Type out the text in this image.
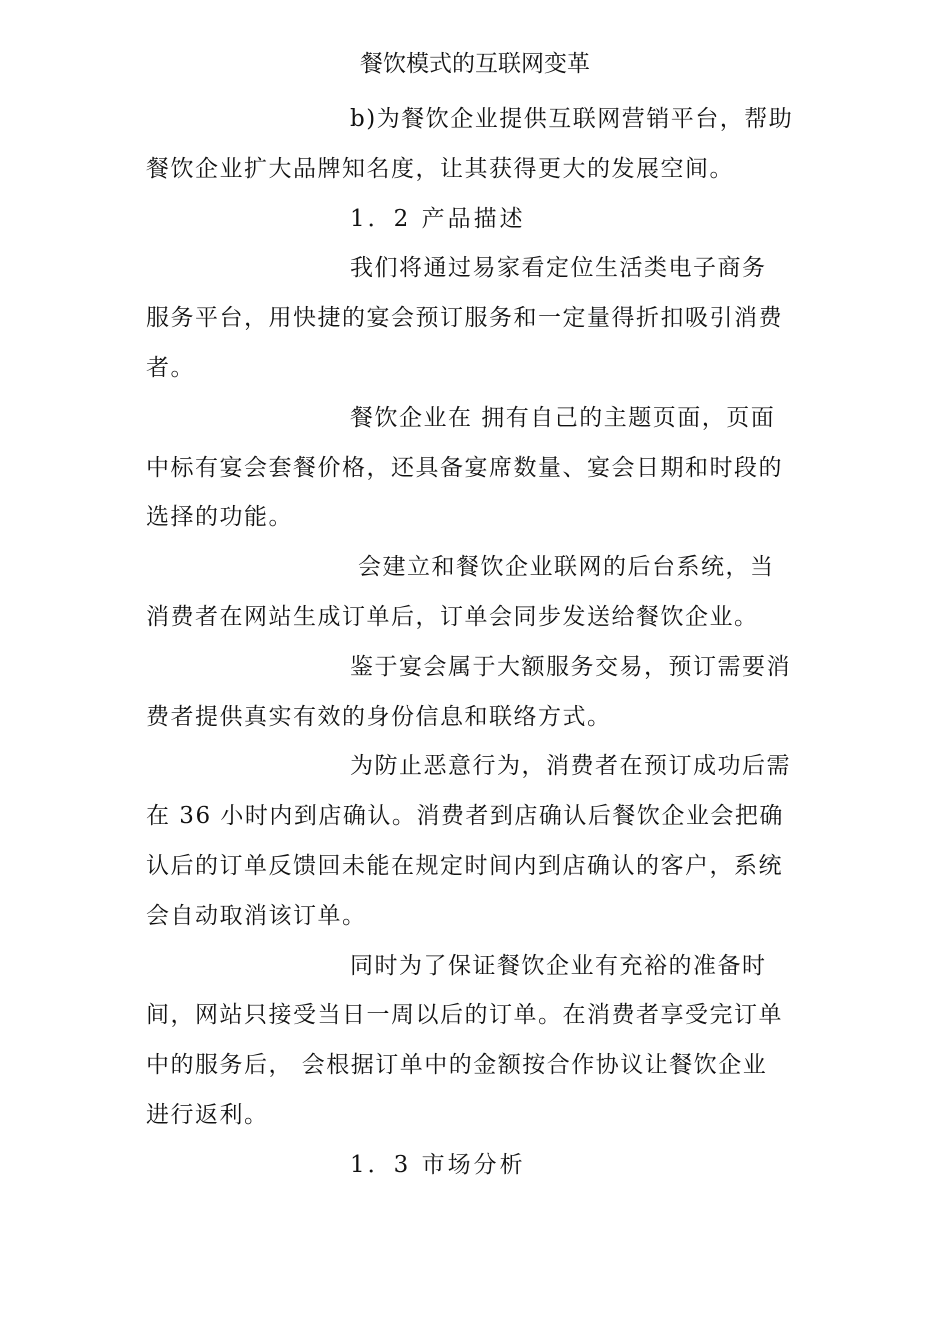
餐饮模式的互联网变革
b)为餐饮企业提供互联网营销平台，帮助
餐饮企业扩大品牌知名度，让其获得更大的发展空间。
1．2 产品描述
我们将通过易家看定位生活类电子商务
服务平台，用快捷的宴会预订服务和一定量得折扣吸引消费
者。
餐饮企业在 拥有自己的主题页面，页面
中标有宴会套餐价格，还具备宴席数量、宴会日期和时段的
选择的功能。
会建立和餐饮企业联网的后台系统，当
消费者在网站生成订单后，订单会同步发送给餐饮企业。
鉴于宴会属于大额服务交易，预订需要消
费者提供真实有效的身份信息和联络方式。
为防止恶意行为，消费者在预订成功后需
在 36 小时内到店确认。消费者到店确认后餐饮企业会把确
认后的订单反馈回未能在规定时间内到店确认的客户，系统
会自动取消该订单。
同时为了保证餐饮企业有充裕的准备时
间，网站只接受当日一周以后的订单。在消费者享受完订单
中的服务后， 会根据订单中的金额按合作协议让餐饮企业
进行返利。
1．3 市场分析
